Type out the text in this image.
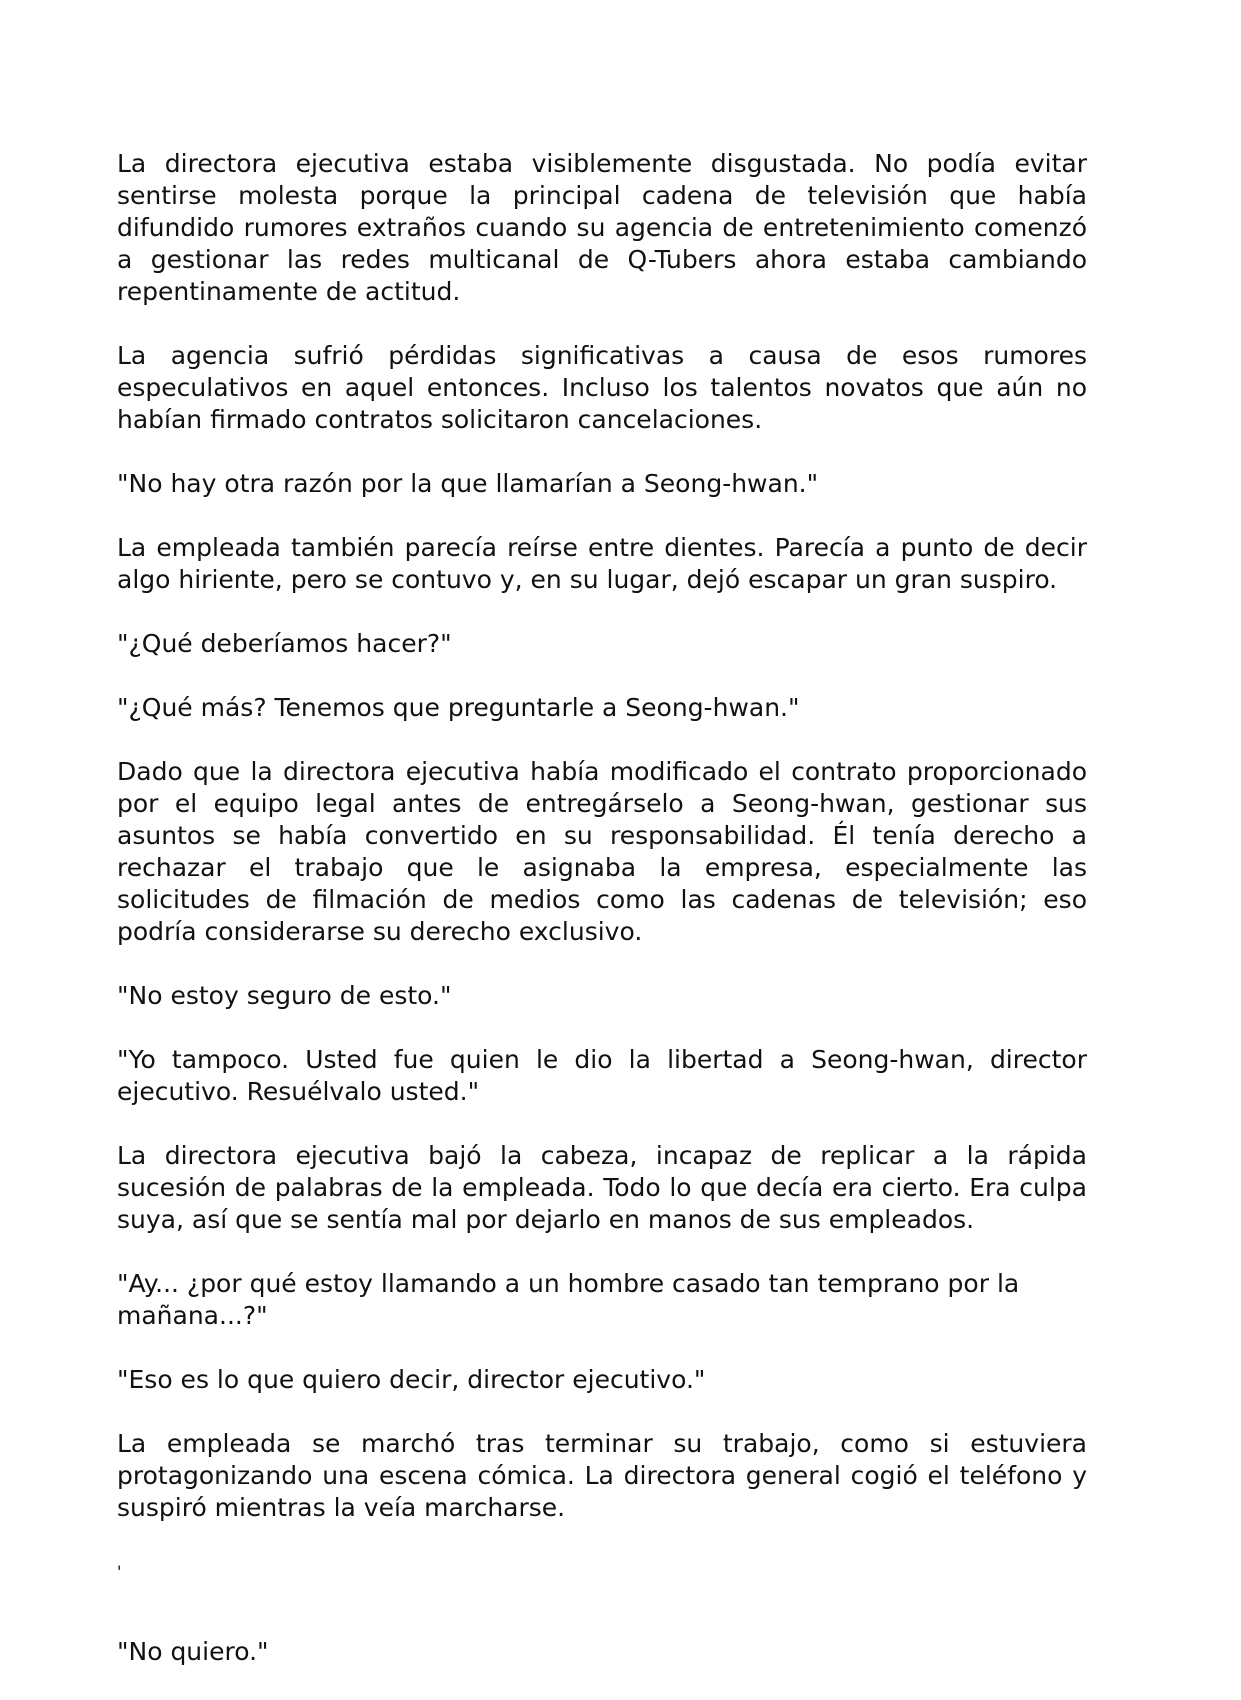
La directora ejecutiva estaba visiblemente disgustada. No podía evitar sentirse molesta porque la principal cadena de televisión que había difundido rumores extraños cuando su agencia de entretenimiento comenzó a gestionar las redes multicanal de Q-Tubers ahora estaba cambiando repentinamente de actitud.

La agencia sufrió pérdidas significativas a causa de esos rumores especulativos en aquel entonces. Incluso los talentos novatos que aún no habían firmado contratos solicitaron cancelaciones.

"No hay otra razón por la que llamarían a Seong-hwan."

La empleada también parecía reírse entre dientes. Parecía a punto de decir algo hiriente, pero se contuvo y, en su lugar, dejó escapar un gran suspiro.

"¿Qué deberíamos hacer?"

"¿Qué más? Tenemos que preguntarle a Seong-hwan."

Dado que la directora ejecutiva había modificado el contrato proporcionado por el equipo legal antes de entregárselo a Seong-hwan, gestionar sus asuntos se había convertido en su responsabilidad. Él tenía derecho a rechazar el trabajo que le asignaba la empresa, especialmente las solicitudes de filmación de medios como las cadenas de televisión; eso podría considerarse su derecho exclusivo.

"No estoy seguro de esto."

"Yo tampoco. Usted fue quien le dio la libertad a Seong-hwan, director ejecutivo. Resuélvalo usted."

La directora ejecutiva bajó la cabeza, incapaz de replicar a la rápida sucesión de palabras de la empleada. Todo lo que decía era cierto. Era culpa suya, así que se sentía mal por dejarlo en manos de sus empleados.

"Ay... ¿por qué estoy llamando a un hombre casado tan temprano por la mañana...?"

"Eso es lo que quiero decir, director ejecutivo."

La empleada se marchó tras terminar su trabajo, como si estuviera protagonizando una escena cómica. La directora general cogió el teléfono y suspiró mientras la veía marcharse.

'

"No quiero."
